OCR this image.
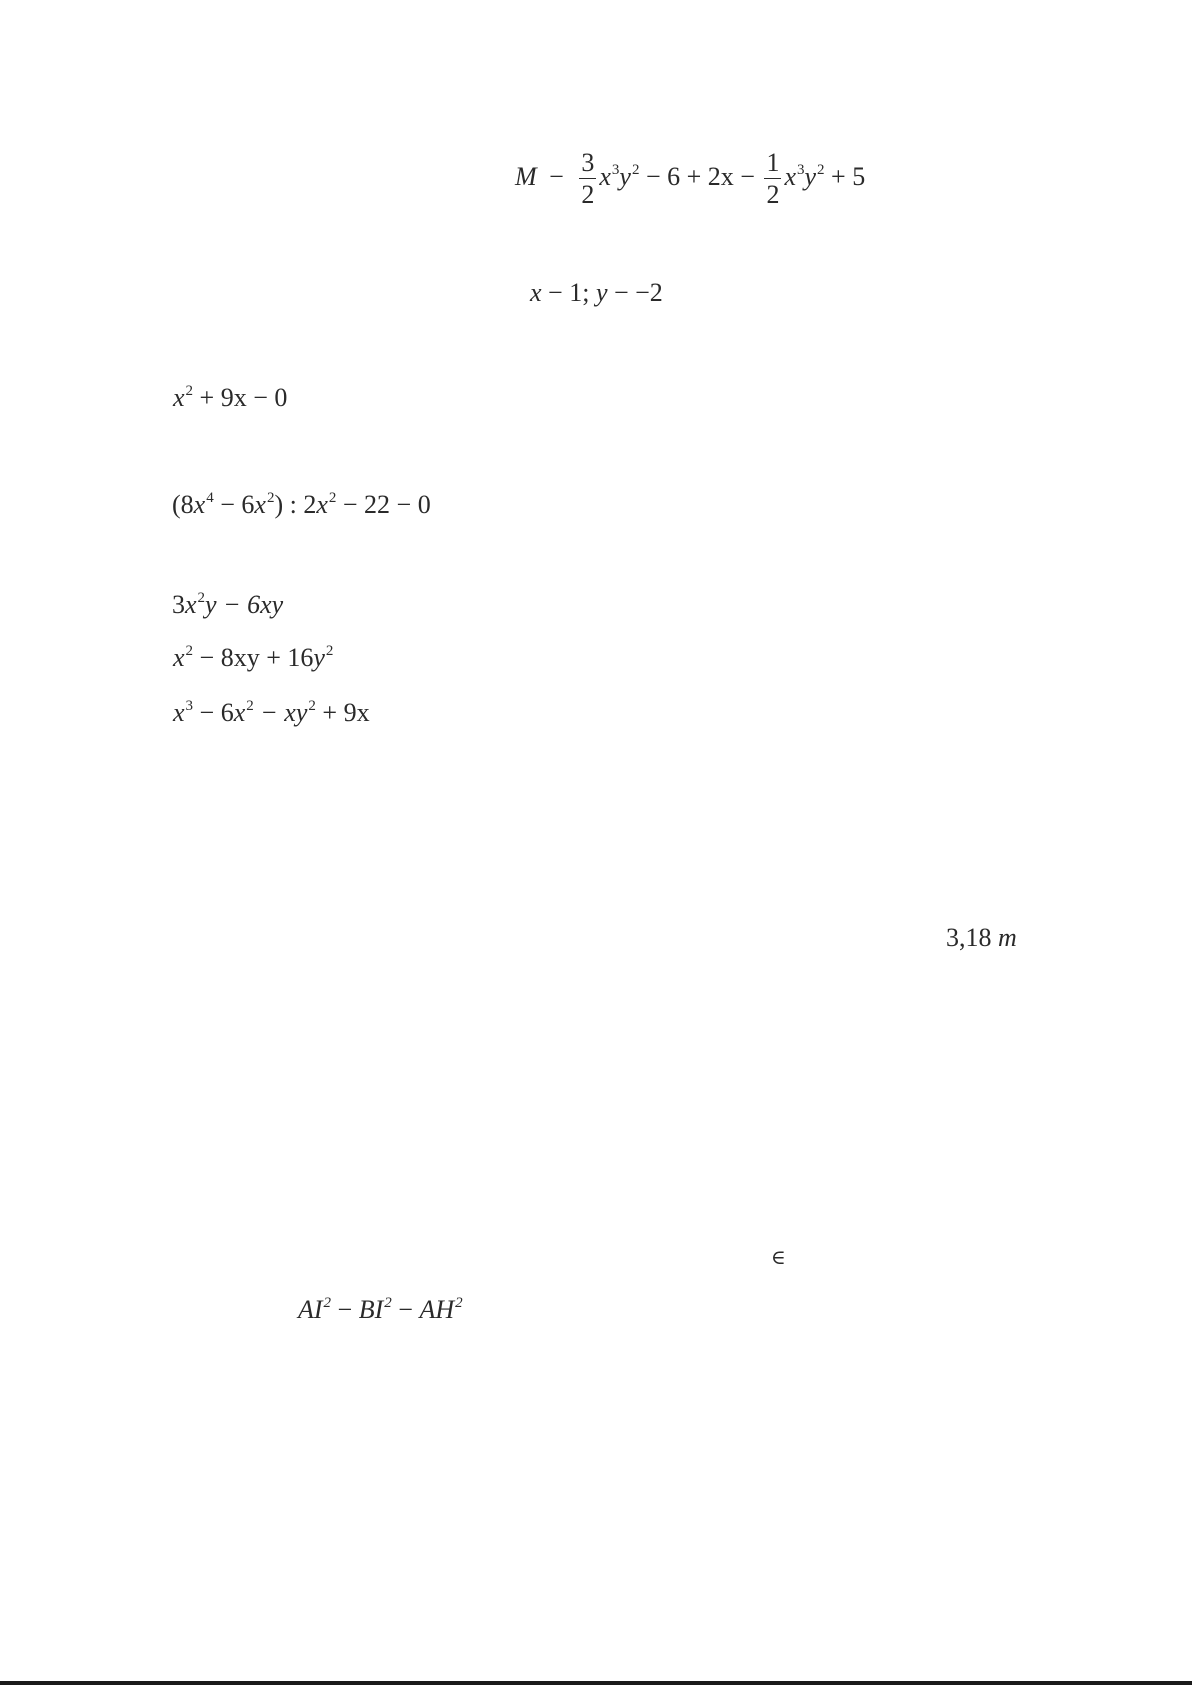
$M - \frac{3}{2} x^3y^2 - 6 + 2x - \frac{1}{2} x^3y^2 + 5$
x − 1; y − −2
$x^2 + 9x - 0$
$(8x^4 - 6x^2)$ : $2x^2 - 22 - 0$
$3x^2y - 6xy$
$x^2 - 8xy + 16y^2$
$x^3 - 6x^2 - xy^2 + 9x$
3,18 m
∈
$AI^2 - BI^2 - AH^2$
